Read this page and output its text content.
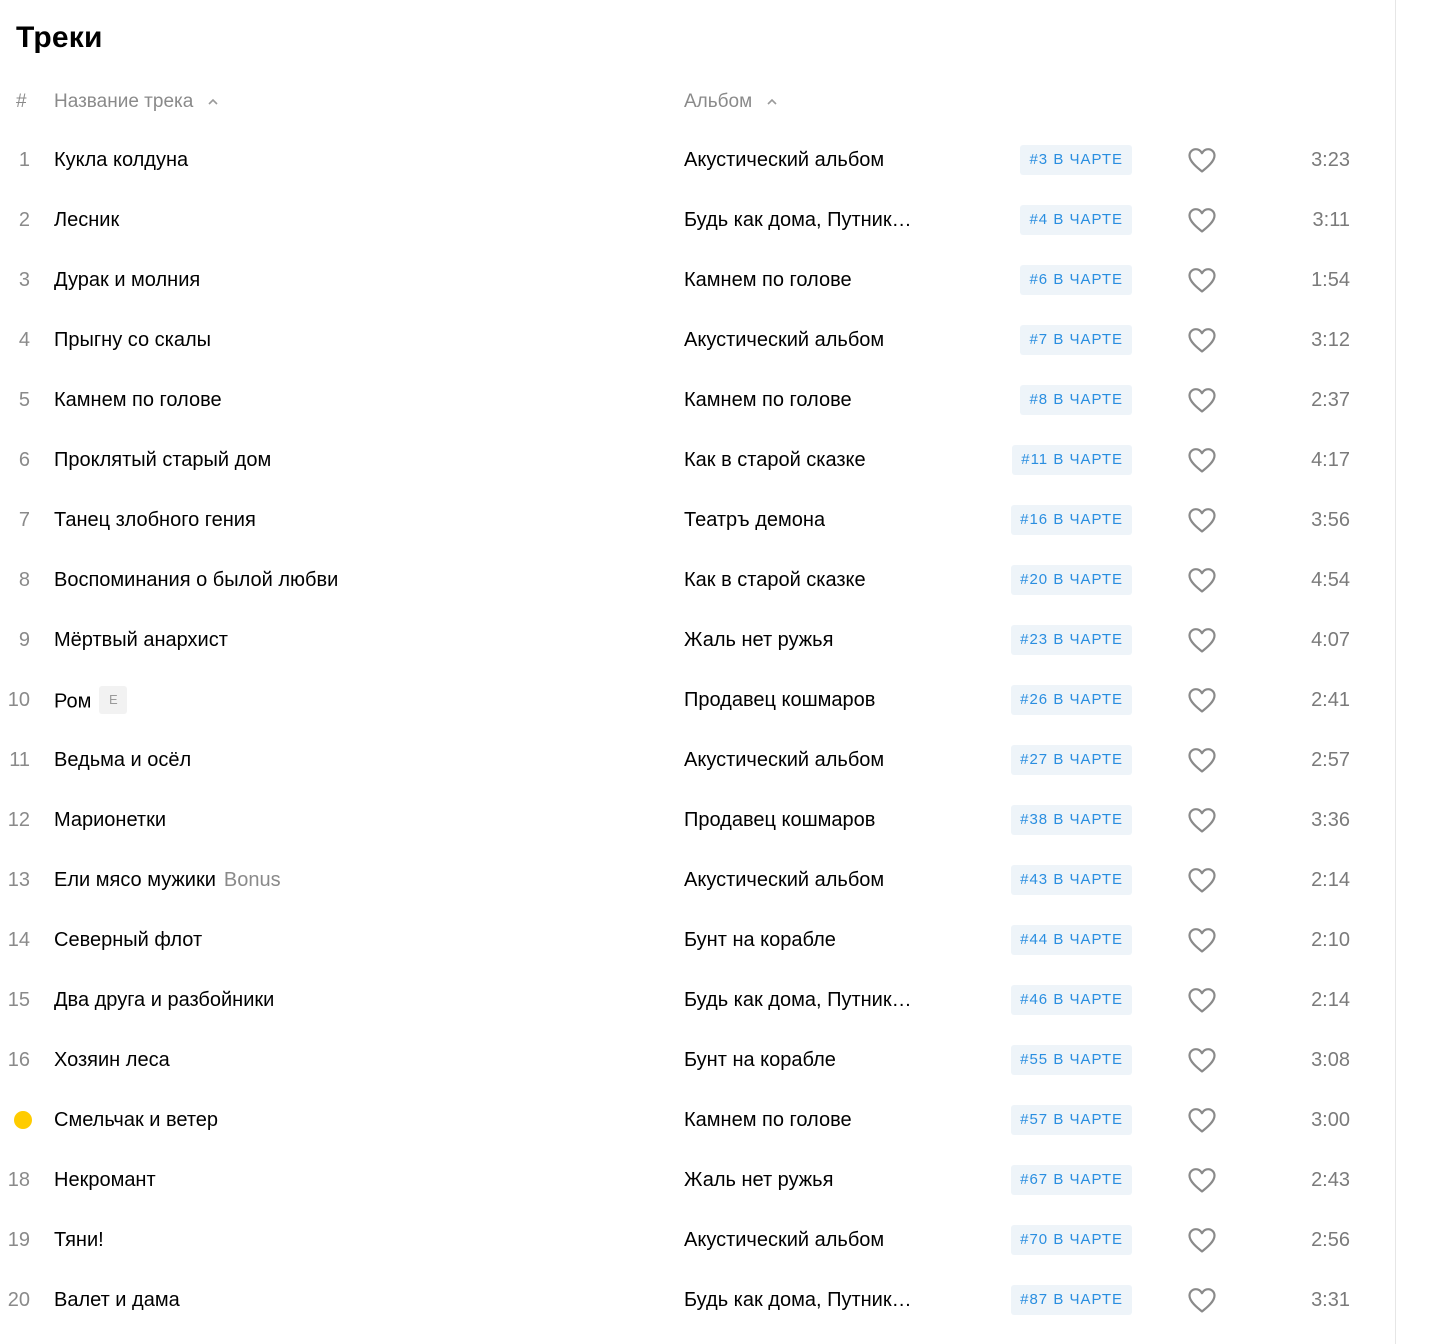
Треки
# Название трека	Альбом
1 Кукла колдуна	Акустический альбом	#3 В ЧАРТЕ	3:23
2 Лесник	Будь как дома, Путник…	#4 В ЧАРТЕ	3:11
3 Дурак и молния	Камнем по голове	#6 В ЧАРТЕ	1:54
4 Прыгну со скалы	Акустический альбом	#7 В ЧАРТЕ	3:12
5 Камнем по голове	Камнем по голове	#8 В ЧАРТЕ	2:37
6 Проклятый старый дом	Как в старой сказке	#11 В ЧАРТЕ	4:17
7 Танец злобного гения	Театръ демона	#16 В ЧАРТЕ	3:56
8 Воспоминания о былой любви	Как в старой сказке	#20 В ЧАРТЕ	4:54
9 Мёртвый анархист	Жаль нет ружья	#23 В ЧАРТЕ	4:07
10 Ром E	Продавец кошмаров	#26 В ЧАРТЕ	2:41
11 Ведьма и осёл	Акустический альбом	#27 В ЧАРТЕ	2:57
12 Марионетки	Продавец кошмаров	#38 В ЧАРТЕ	3:36
13 Ели мясо мужики Bonus	Акустический альбом	#43 В ЧАРТЕ	2:14
14 Северный флот	Бунт на корабле	#44 В ЧАРТЕ	2:10
15 Два друга и разбойники	Будь как дома, Путник…	#46 В ЧАРТЕ	2:14
16 Хозяин леса	Бунт на корабле	#55 В ЧАРТЕ	3:08
Смельчак и ветер	Камнем по голове	#57 В ЧАРТЕ	3:00
18 Некромант	Жаль нет ружья	#67 В ЧАРТЕ	2:43
19 Тяни!	Акустический альбом	#70 В ЧАРТЕ	2:56
20 Валет и дама	Будь как дома, Путник…	#87 В ЧАРТЕ	3:31
